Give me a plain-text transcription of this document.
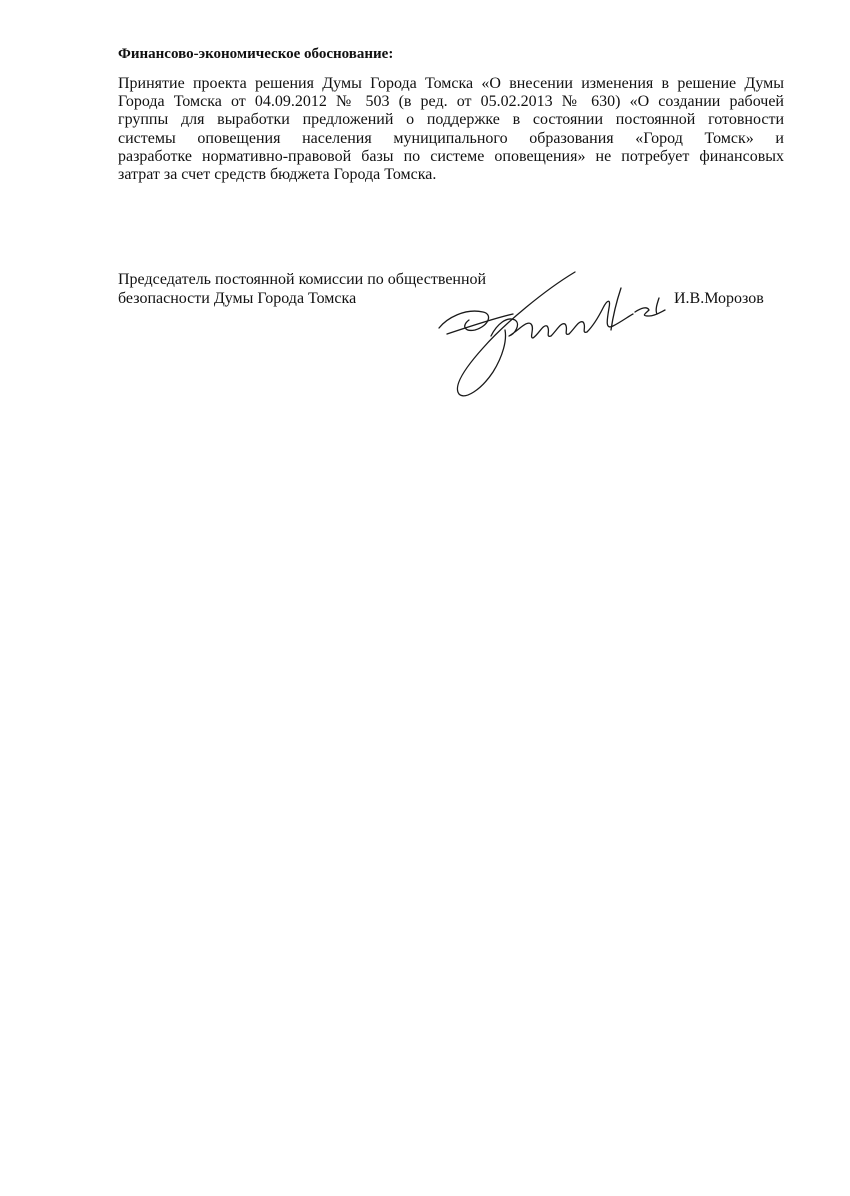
Финансово-экономическое обоснование:
Принятие проекта решения Думы Города Томска «О внесении изменения в решение Думы
Города Томска от 04.09.2012 № 503 (в ред. от 05.02.2013 № 630) «О создании рабочей
группы для выработки предложений о поддержке в состоянии постоянной готовности
системы оповещения населения муниципального образования «Город Томск» и
разработке нормативно-правовой базы по системе оповещения» не потребует финансовых
затрат за счет средств бюджета Города Томска.
Председатель постоянной комиссии по общественной
безопасности Думы Города Томска	И.В.Морозов
